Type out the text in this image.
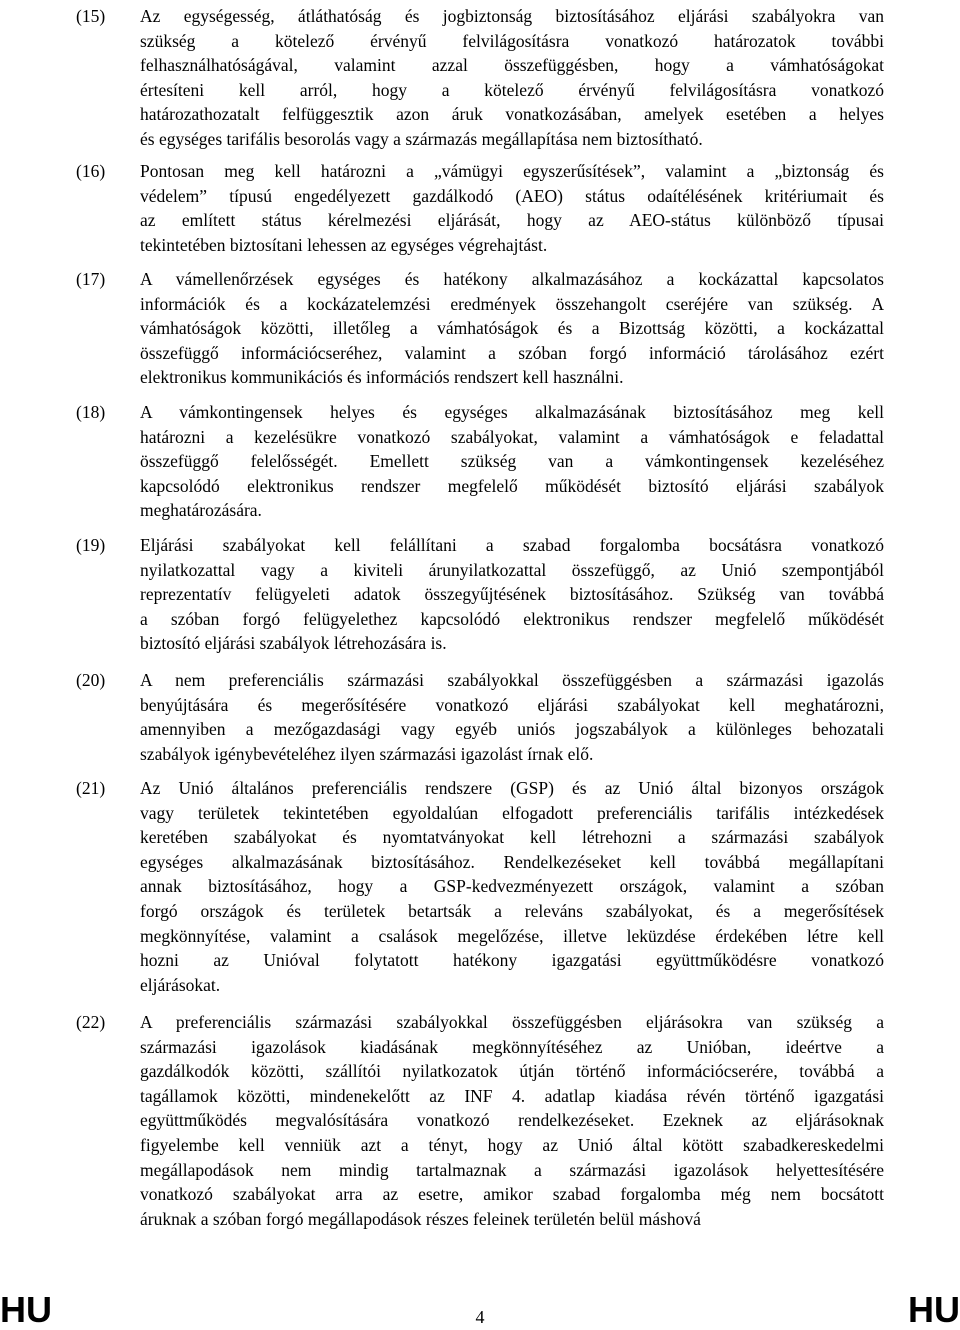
(15) Az egységesség, átláthatóság és jogbiztonság biztosításához eljárási szabályokra van
szükség a kötelező érvényű felvilágosításra vonatkozó határozatok további
felhasználhatóságával, valamint azzal összefüggésben, hogy a vámhatóságokat
értesíteni kell arról, hogy a kötelező érvényű felvilágosításra vonatkozó
határozathozatalt felfüggesztik azon áruk vonatkozásában, amelyek esetében a helyes
és egységes tarifális besorolás vagy a származás megállapítása nem biztosítható.
(16) Pontosan meg kell határozni a „vámügyi egyszerűsítések”, valamint a „biztonság és
védelem” típusú engedélyezett gazdálkodó (AEO) státus odaítélésének kritériumait és
az említett státus kérelmezési eljárását, hogy az AEO-státus különböző típusai
tekintetében biztosítani lehessen az egységes végrehajtást.
(17) A vámellenőrzések egységes és hatékony alkalmazásához a kockázattal kapcsolatos
információk és a kockázatelemzési eredmények összehangolt cseréjére van szükség. A
vámhatóságok közötti, illetőleg a vámhatóságok és a Bizottság közötti, a kockázattal
összefüggő információcseréhez, valamint a szóban forgó információ tárolásához ezért
elektronikus kommunikációs és információs rendszert kell használni.
(18) A vámkontingensek helyes és egységes alkalmazásának biztosításához meg kell
határozni a kezelésükre vonatkozó szabályokat, valamint a vámhatóságok e feladattal
összefüggő felelősségét. Emellett szükség van a vámkontingensek kezeléséhez
kapcsolódó elektronikus rendszer megfelelő működését biztosító eljárási szabályok
meghatározására.
(19) Eljárási szabályokat kell felállítani a szabad forgalomba bocsátásra vonatkozó
nyilatkozattal vagy a kiviteli árunyilatkozattal összefüggő, az Unió szempontjából
reprezentatív felügyeleti adatok összegyűjtésének biztosításához. Szükség van továbbá
a szóban forgó felügyelethez kapcsolódó elektronikus rendszer megfelelő működését
biztosító eljárási szabályok létrehozására is.
(20) A nem preferenciális származási szabályokkal összefüggésben a származási igazolás
benyújtására és megerősítésére vonatkozó eljárási szabályokat kell meghatározni,
amennyiben a mezőgazdasági vagy egyéb uniós jogszabályok a különleges behozatali
szabályok igénybevételéhez ilyen származási igazolást írnak elő.
(21) Az Unió általános preferenciális rendszere (GSP) és az Unió által bizonyos országok
vagy területek tekintetében egyoldalúan elfogadott preferenciális tarifális intézkedések
keretében szabályokat és nyomtatványokat kell létrehozni a származási szabályok
egységes alkalmazásának biztosításához. Rendelkezéseket kell továbbá megállapítani
annak biztosításához, hogy a GSP-kedvezményezett országok, valamint a szóban
forgó országok és területek betartsák a releváns szabályokat, és a megerősítések
megkönnyítése, valamint a csalások megelőzése, illetve leküzdése érdekében létre kell
hozni az Unióval folytatott hatékony igazgatási együttműködésre vonatkozó
eljárásokat.
(22) A preferenciális származási szabályokkal összefüggésben eljárásokra van szükség a
származási igazolások kiadásának megkönnyítéséhez az Unióban, ideértve a
gazdálkodók közötti, szállítói nyilatkozatok útján történő információcserére, továbbá a
tagállamok közötti, mindenekelőtt az INF 4. adatlap kiadása révén történő igazgatási
együttműködés megvalósítására vonatkozó rendelkezéseket. Ezeknek az eljárásoknak
figyelembe kell venniük azt a tényt, hogy az Unió által kötött szabadkereskedelmi
megállapodások nem mindig tartalmaznak a származási igazolások helyettesítésére
vonatkozó szabályokat arra az esetre, amikor szabad forgalomba még nem bocsátott
áruknak a szóban forgó megállapodások részes feleinek területén belül máshová
HU	4	HU
